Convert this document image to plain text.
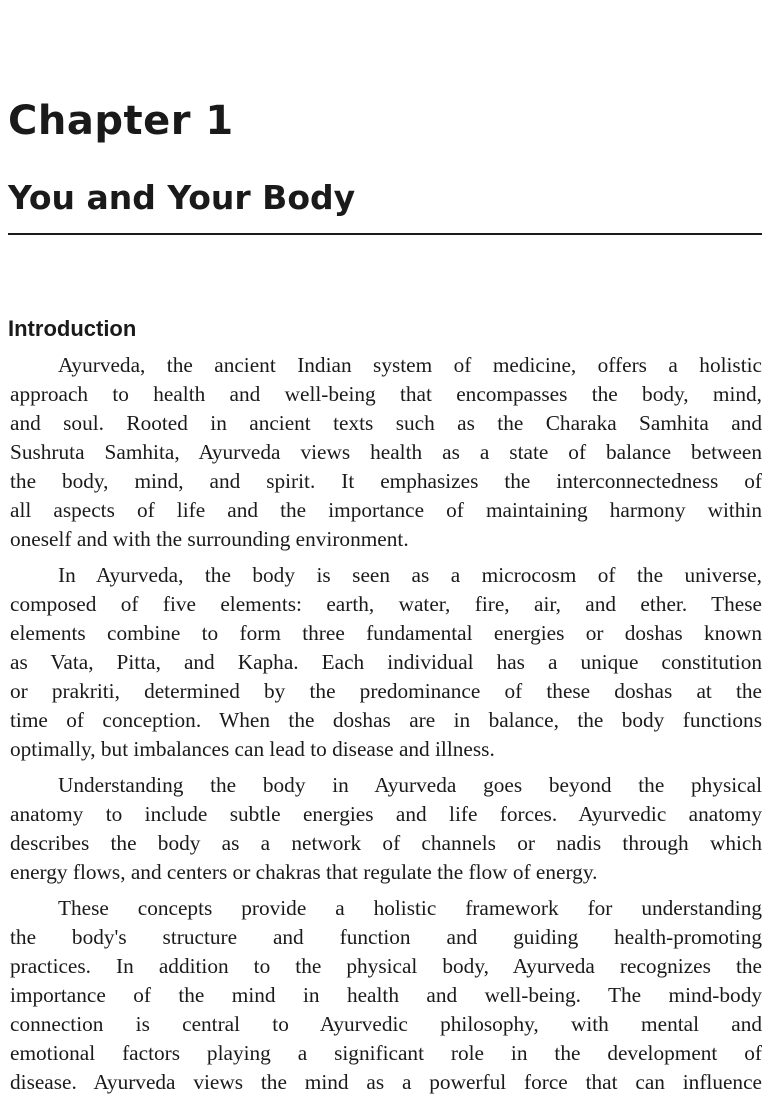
Chapter 1
You and Your Body
Introduction
Ayurveda, the ancient Indian system of medicine, offers a holistic
approach to health and well-being that encompasses the body, mind,
and soul. Rooted in ancient texts such as the Charaka Samhita and
Sushruta Samhita, Ayurveda views health as a state of balance between
the body, mind, and spirit. It emphasizes the interconnectedness of
all aspects of life and the importance of maintaining harmony within
oneself and with the surrounding environment.
In Ayurveda, the body is seen as a microcosm of the universe,
composed of five elements: earth, water, fire, air, and ether. These
elements combine to form three fundamental energies or doshas known
as Vata, Pitta, and Kapha. Each individual has a unique constitution
or prakriti, determined by the predominance of these doshas at the
time of conception. When the doshas are in balance, the body functions
optimally, but imbalances can lead to disease and illness.
Understanding the body in Ayurveda goes beyond the physical
anatomy to include subtle energies and life forces. Ayurvedic anatomy
describes the body as a network of channels or nadis through which
energy flows, and centers or chakras that regulate the flow of energy.
These concepts provide a holistic framework for understanding
the body's structure and function and guiding health-promoting
practices. In addition to the physical body, Ayurveda recognizes the
importance of the mind in health and well-being. The mind-body
connection is central to Ayurvedic philosophy, with mental and
emotional factors playing a significant role in the development of
disease. Ayurveda views the mind as a powerful force that can influence
